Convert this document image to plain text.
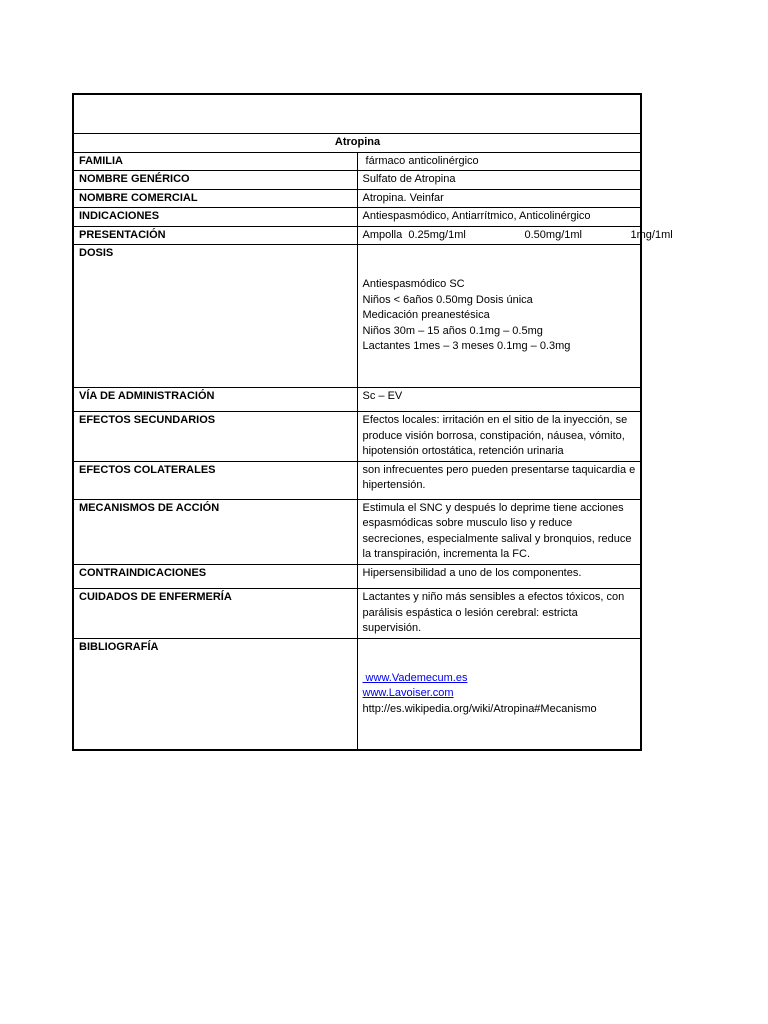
Atropina	
FAMILIA	fármaco anticolinérgico
NOMBRE GENÉRICO	Sulfato de Atropina
NOMBRE COMERCIAL	Atropina. Veinfar
INDICACIONES	Antiespasmódico, Antiarrítmico, Anticolinérgico
PRESENTACIÓN	Ampolla  0.25mg/1ml 0.50mg/1ml 1mg/1ml
DOSIS	Antiespasmódico SC
Niños < 6años 0.50mg Dosis única
Medicación preanestésica
Niños 30m – 15 años 0.1mg – 0.5mg
Lactantes 1mes – 3 meses 0.1mg – 0.3mg

VÍA DE ADMINISTRACIÓN	Sc – EV
EFECTOS SECUNDARIOS	Efectos locales: irritación en el sitio de la inyección, se produce visión borrosa, constipación, náusea, vómito, hipotensión ortostática, retención urinaria
EFECTOS COLATERALES	son infrecuentes pero pueden presentarse taquicardia e hipertensión.
MECANISMOS DE ACCIÓN	Estimula el SNC y después lo deprime tiene acciones espasmódicas sobre musculo liso y reduce secreciones, especialmente salival y bronquios, reduce la transpiración, incrementa la FC.
CONTRAINDICACIONES	Hipersensibilidad a uno de los componentes.
CUIDADOS DE ENFERMERÍA	Lactantes y niño más sensibles a efectos tóxicos, con parálisis espástica o lesión cerebral: estricta supervisión.
BIBLIOGRAFÍA	www.Vademecum.es
www.Lavoiser.com
http://es.wikipedia.org/wiki/Atropina#Mecanismo
